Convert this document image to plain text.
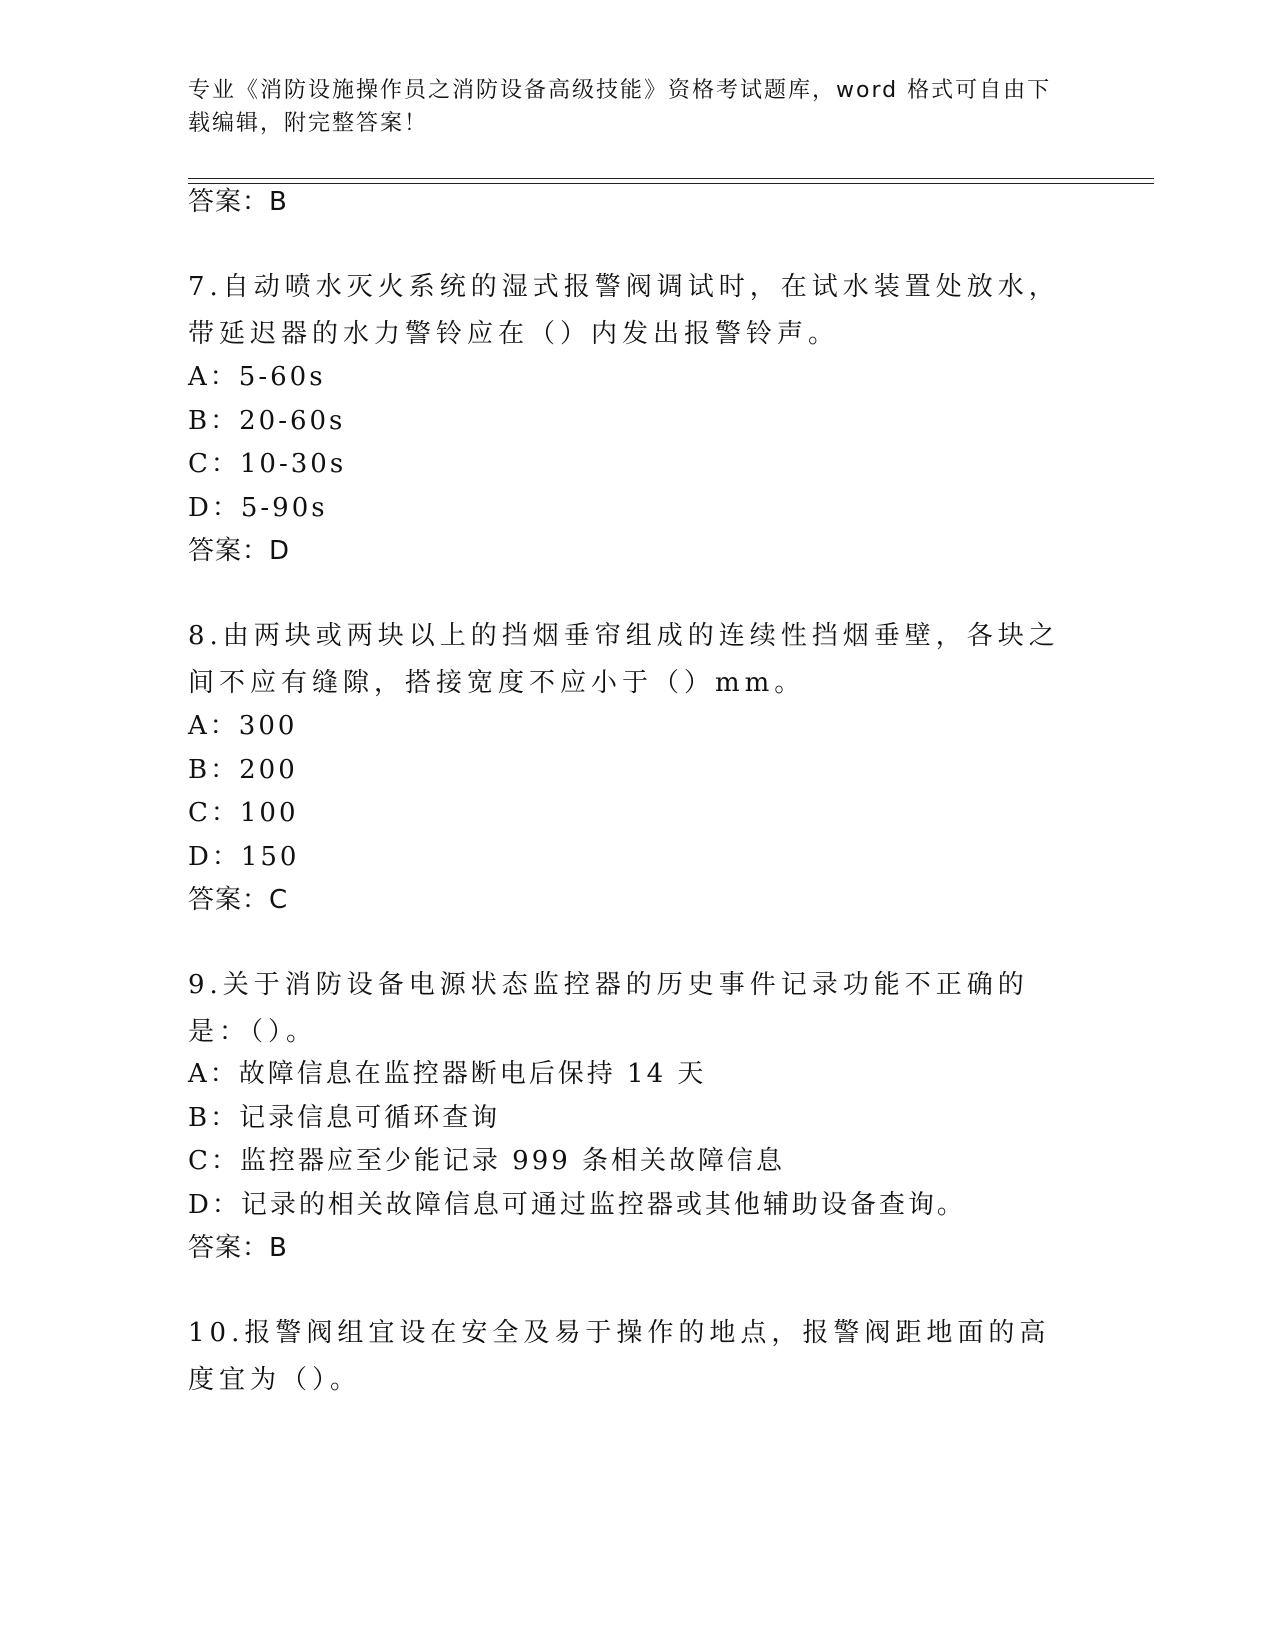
专业《消防设施操作员之消防设备高级技能》资格考试题库，word 格式可自由下载编辑，附完整答案！
答案：B
7.自动喷水灭火系统的湿式报警阀调试时，在试水装置处放水，带延迟器的水力警铃应在（）内发出报警铃声。
A：5-60s
B：20-60s
C：10-30s
D：5-90s
答案：D
8.由两块或两块以上的挡烟垂帘组成的连续性挡烟垂壁，各块之间不应有缝隙，搭接宽度不应小于（）mm。
A：300
B：200
C：100
D：150
答案：C
9.关于消防设备电源状态监控器的历史事件记录功能不正确的是：（）。
A：故障信息在监控器断电后保持 14 天
B：记录信息可循环查询
C：监控器应至少能记录 999 条相关故障信息
D：记录的相关故障信息可通过监控器或其他辅助设备查询。
答案：B
10.报警阀组宜设在安全及易于操作的地点，报警阀距地面的高度宜为（）。
